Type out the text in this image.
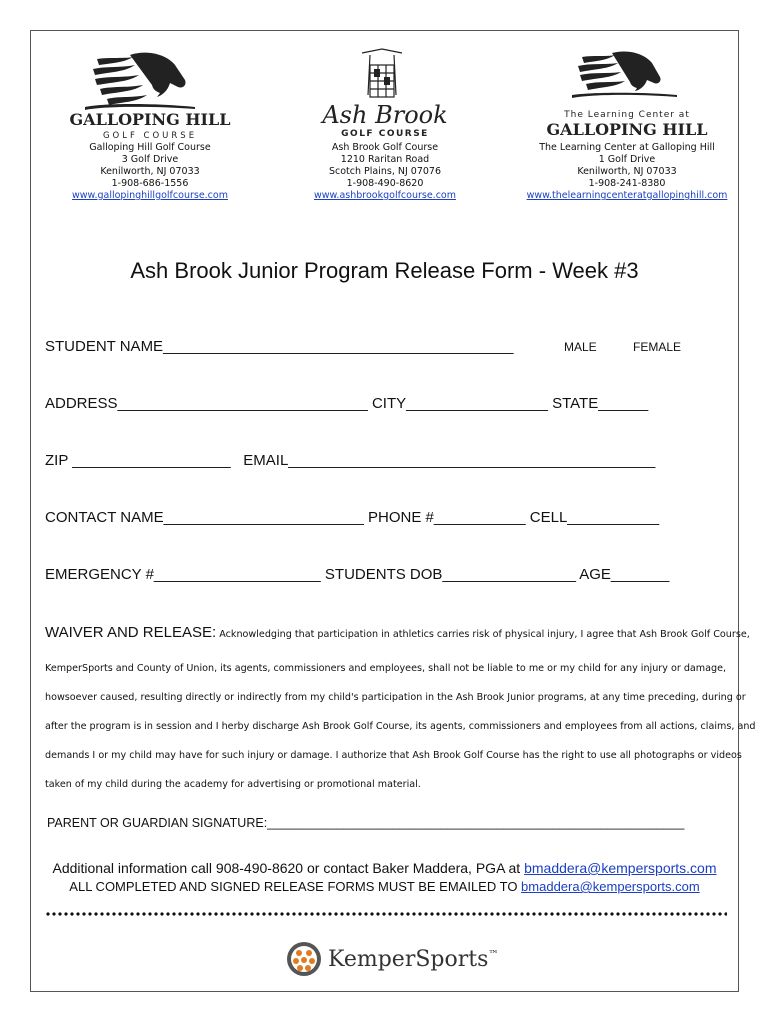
GALLOPING HILL
GOLF COURSE
Galloping Hill Golf Course
3 Golf Drive
Kenilworth, NJ 07033
1-908-686-1556
www.gallopinghillgolfcourse.com
Ash Brook
GOLF COURSE
Ash Brook Golf Course
1210 Raritan Road
Scotch Plains, NJ 07076
1-908-490-8620
www.ashbrookgolfcourse.com
The Learning Center at
GALLOPING HILL
The Learning Center at Galloping Hill
1 Golf Drive
Kenilworth, NJ 07033
1-908-241-8380
www.thelearningcenteratgallopinghill.com
Ash Brook Junior Program Release Form - Week #3
STUDENT NAME__________________________________________	MALE	FEMALE
ADDRESS______________________________ CITY_________________ STATE______
ZIP ___________________ EMAIL____________________________________________
CONTACT NAME________________________ PHONE #___________ CELL___________
EMERGENCY #____________________ STUDENTS DOB________________ AGE_______
WAIVER AND RELEASE: Acknowledging that participation in athletics carries risk of physical injury, I agree that Ash Brook Golf Course,
KemperSports and County of Union, its agents, commissioners and employees, shall not be liable to me or my child for any injury or damage,
howsoever caused, resulting directly or indirectly from my child's participation in the Ash Brook Junior programs, at any time preceding, during or
after the program is in session and I herby discharge Ash Brook Golf Course, its agents, commissioners and employees from all actions, claims, and
demands I or my child may have for such injury or damage. I authorize that Ash Brook Golf Course has the right to use all photographs or videos
taken of my child during the academy for advertising or promotional material.
PARENT OR GUARDIAN SIGNATURE:____________________________________________________________
Additional information call 908-490-8620 or contact Baker Maddera, PGA at bmaddera@kempersports.com
ALL COMPLETED AND SIGNED RELEASE FORMS MUST BE EMAILED TO bmaddera@kempersports.com
KemperSports™
